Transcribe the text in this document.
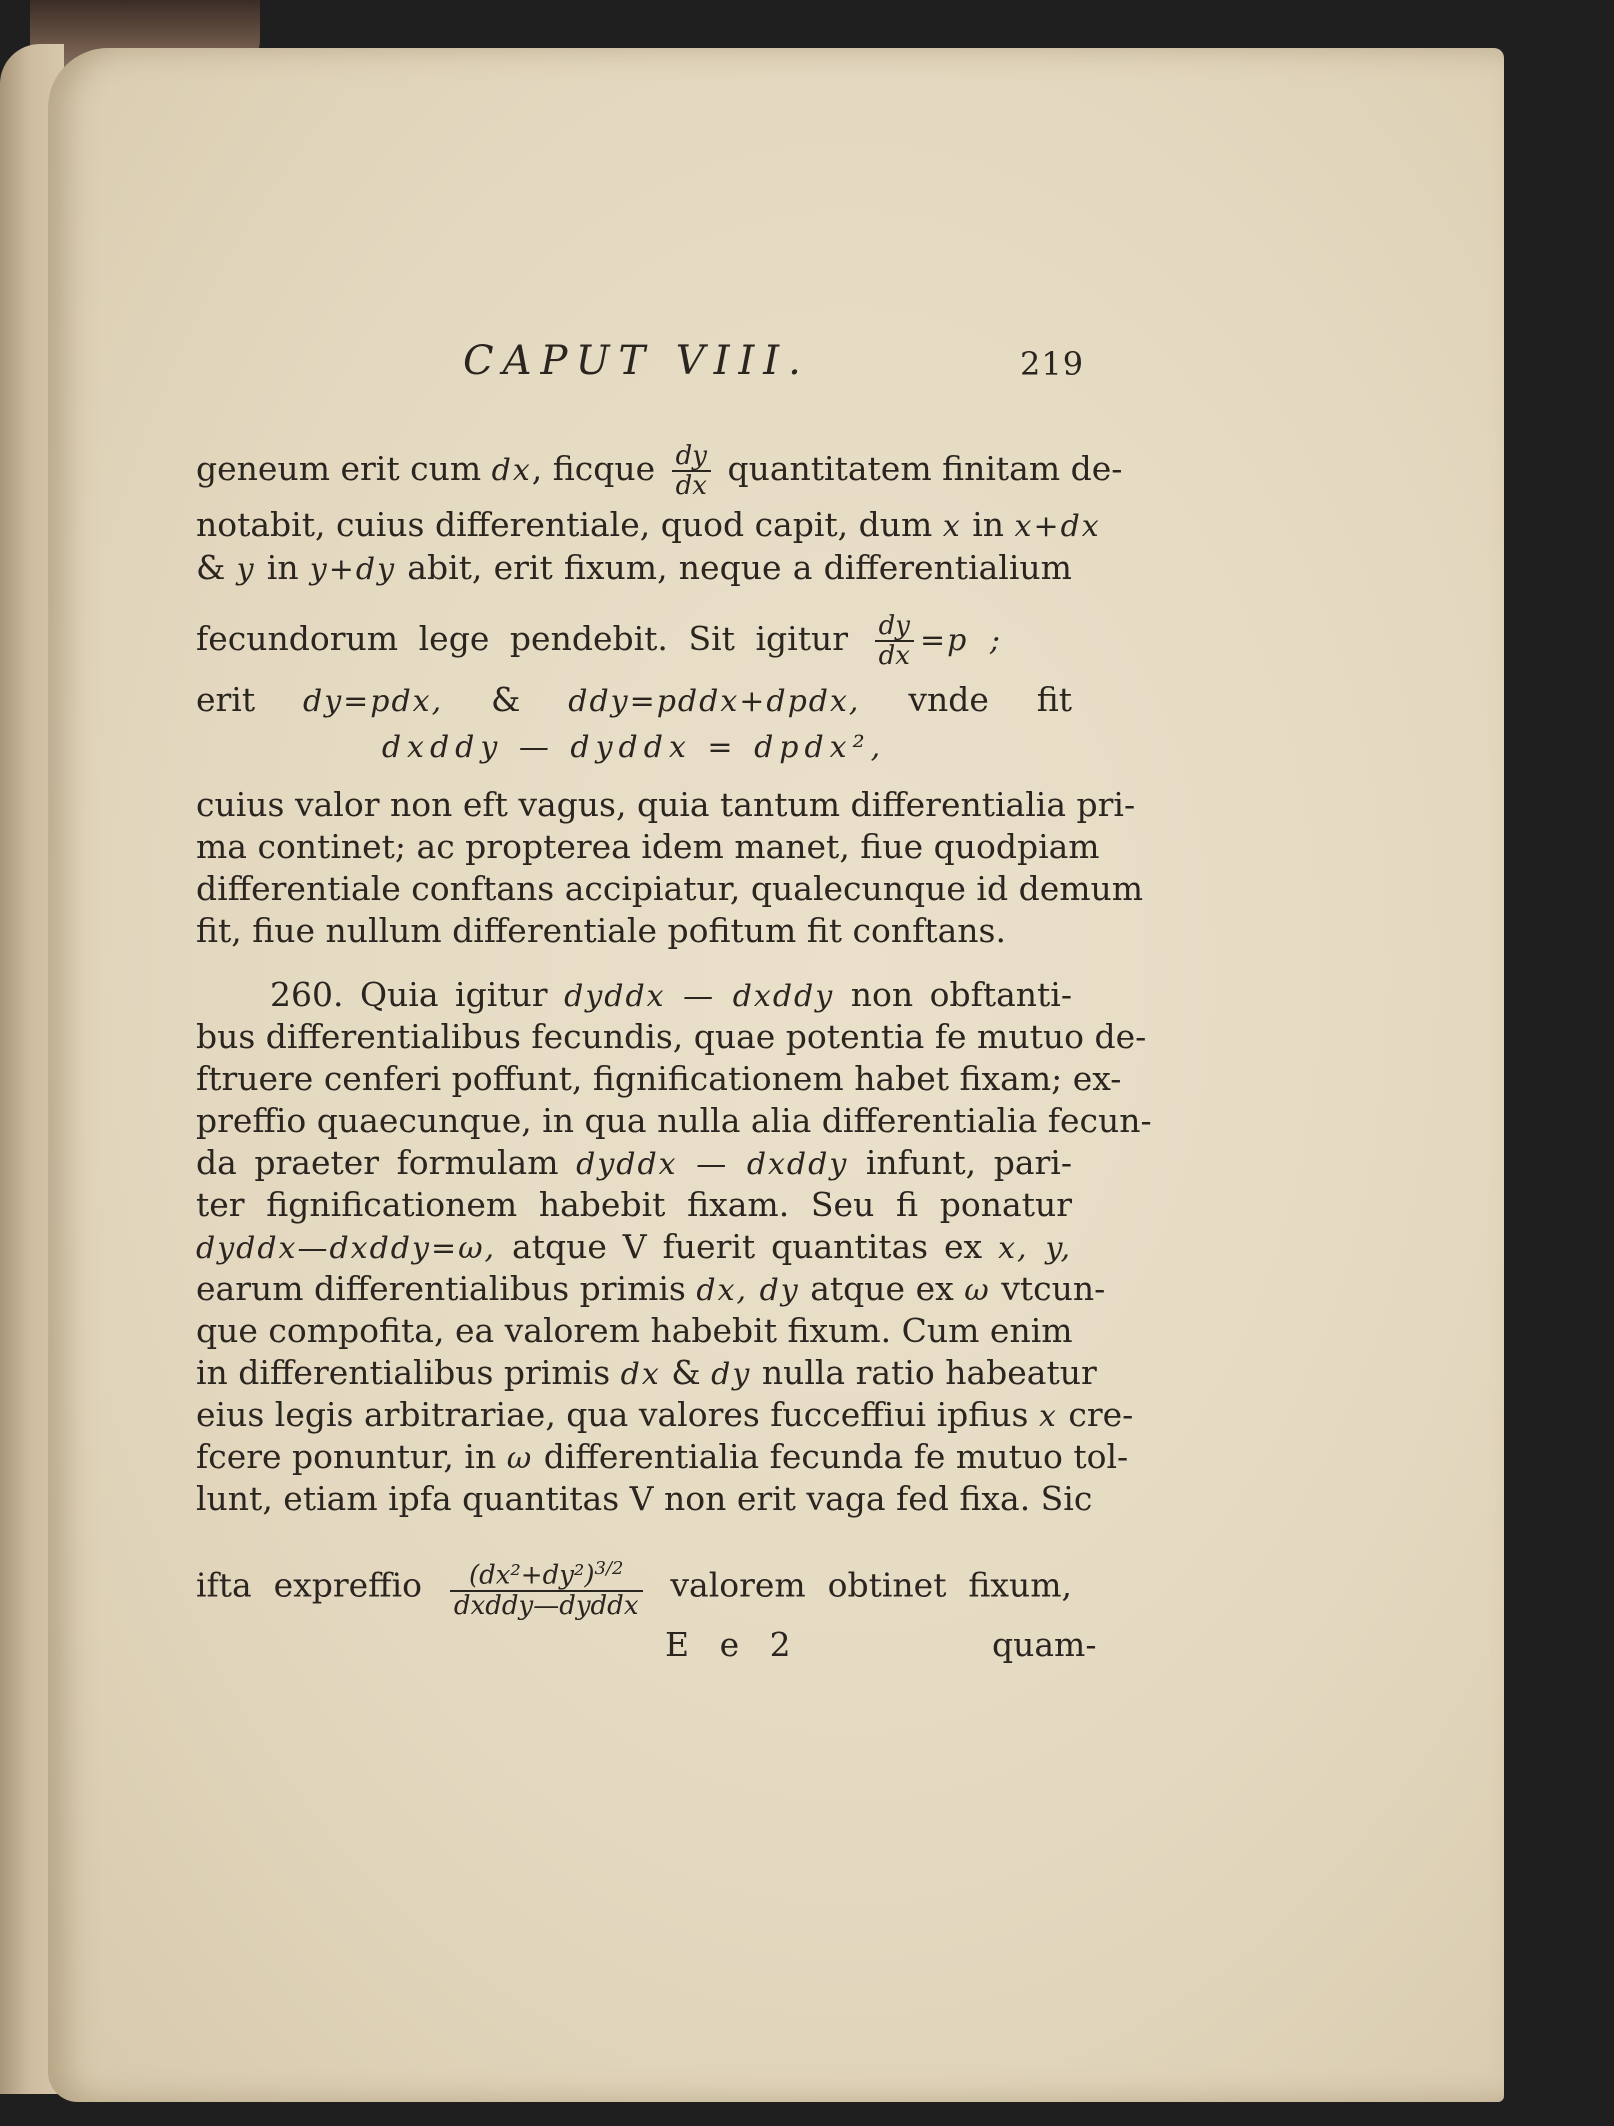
CAPUT VIII.	219
geneum erit cum dx, ficque $\frac{dy}{dx}$ quantitatem finitam de-
notabit, cuius differentiale, quod capit, dum x in x+dx
& y in y+dy abit, erit fixum, neque a differentialium
fecundorum lege pendebit. Sit igitur $\frac{dy}{dx} =p$ ;
erit dy=pdx, & ddy=pddx+dpdx, vnde fit
dxddy — dyddx = dpdx²,
cuius valor non eft vagus, quia tantum differentialia pri-
ma continet; ac propterea idem manet, fiue quodpiam
differentiale conftans accipiatur, qualecunque id demum
fit, fiue nullum differentiale pofitum fit conftans.
260. Quia igitur dyddx — dxddy non obftanti-
bus differentialibus fecundis, quae potentia fe mutuo de-
ftruere cenferi poffunt, fignificationem habet fixam; ex-
preffio quaecunque, in qua nulla alia differentialia fecun-
da praeter formulam dyddx — dxddy infunt, pari-
ter fignificationem habebit fixam. Seu fi ponatur
dyddx—dxddy=ω, atque V fuerit quantitas ex x, y,
earum differentialibus primis dx, dy atque ex ω vtcun-
que compofita, ea valorem habebit fixum. Cum enim
in differentialibus primis dx & dy nulla ratio habeatur
eius legis arbitrariae, qua valores fucceffiui ipfius x cre-
fcere ponuntur, in ω differentialia fecunda fe mutuo tol-
lunt, etiam ipfa quantitas V non erit vaga fed fixa. Sic
ifta expreffio $\frac{(dx^2+dy^2)^{3/2}}{\text{dxddy—dyddx}}$ valorem obtinet fixum,
E e 2	quam-
